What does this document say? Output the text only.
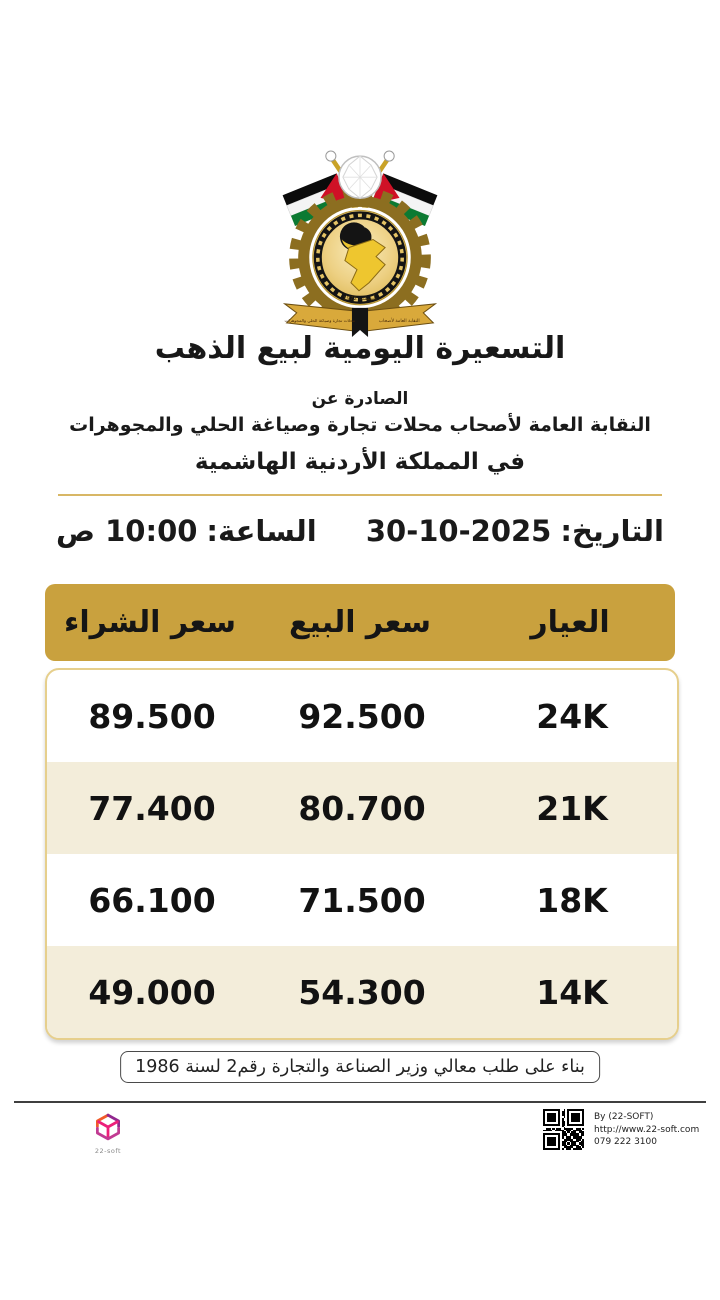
تأسست 1972
النقابة العامة لأصحاب
محلات تجارة وصياغة الحلي والمجوهرات
التسعيرة اليومية لبيع الذهب
الصادرة عن
النقابة العامة لأصحاب محلات تجارة وصياغة الحلي والمجوهرات
في المملكة الأردنية الهاشمية
التاريخ:
30-10-2025
الساعة:
10:00 ص
العيار
سعر البيع
سعر الشراء
24K
92.500
89.500
21K
80.700
77.400
18K
71.500
66.100
14K
54.300
49.000
بناء على طلب معالي وزير الصناعة والتجارة رقم2 لسنة 1986
22-soft
By (22-SOFT)
http://www.22-soft.com
079 222 3100
